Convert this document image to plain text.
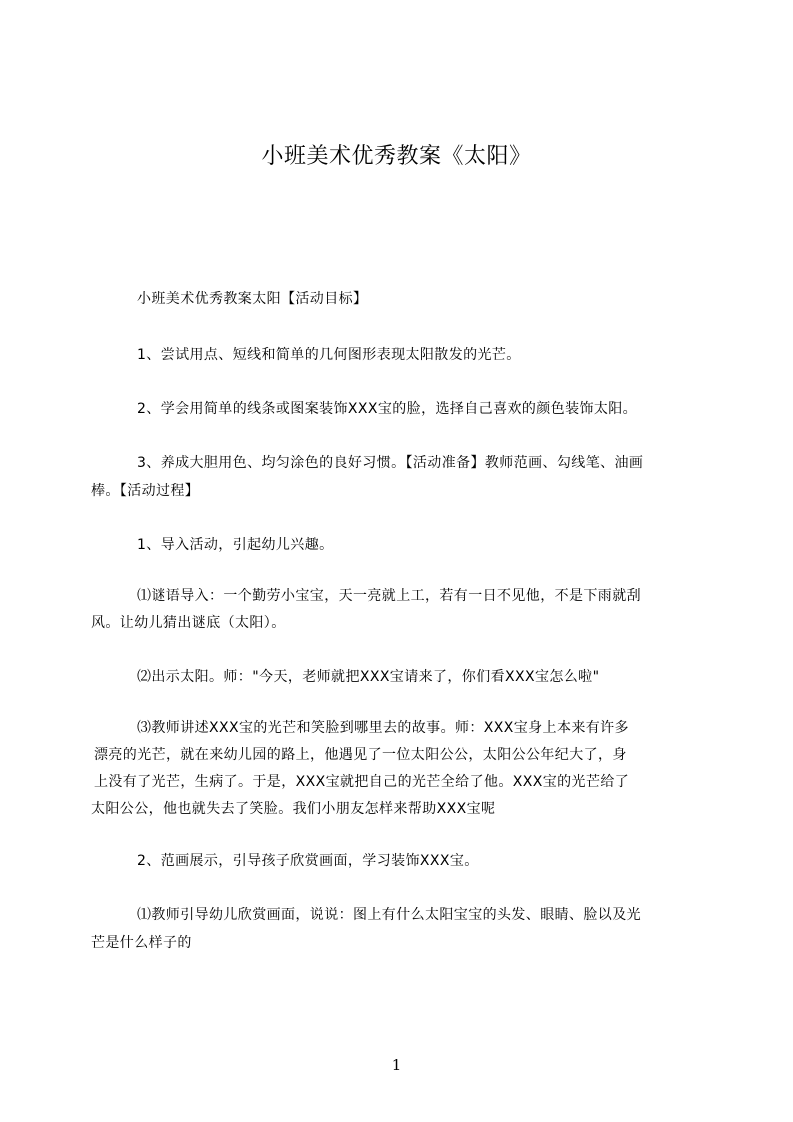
小班美术优秀教案《太阳》
小班美术优秀教案太阳【活动目标】
1、尝试用点、短线和简单的几何图形表现太阳散发的光芒。
2、学会用简单的线条或图案装饰XXX宝的脸，选择自己喜欢的颜色装饰太阳。
3、养成大胆用色、均匀涂色的良好习惯。【活动准备】教师范画、勾线笔、油画
棒。【活动过程】
1、导入活动，引起幼儿兴趣。
⑴谜语导入：一个勤劳小宝宝，天一亮就上工，若有一日不见他，不是下雨就刮
风。让幼儿猜出谜底（太阳）。
⑵出示太阳。师："今天，老师就把XXX宝请来了，你们看XXX宝怎么啦"
⑶教师讲述XXX宝的光芒和笑脸到哪里去的故事。师：XXX宝身上本来有许多
漂亮的光芒，就在来幼儿园的路上，他遇见了一位太阳公公，太阳公公年纪大了，身
上没有了光芒，生病了。于是，XXX宝就把自己的光芒全给了他。XXX宝的光芒给了
太阳公公，他也就失去了笑脸。我们小朋友怎样来帮助XXX宝呢
2、范画展示，引导孩子欣赏画面，学习装饰XXX宝。
⑴教师引导幼儿欣赏画面，说说：图上有什么太阳宝宝的头发、眼睛、脸以及光
芒是什么样子的
1
